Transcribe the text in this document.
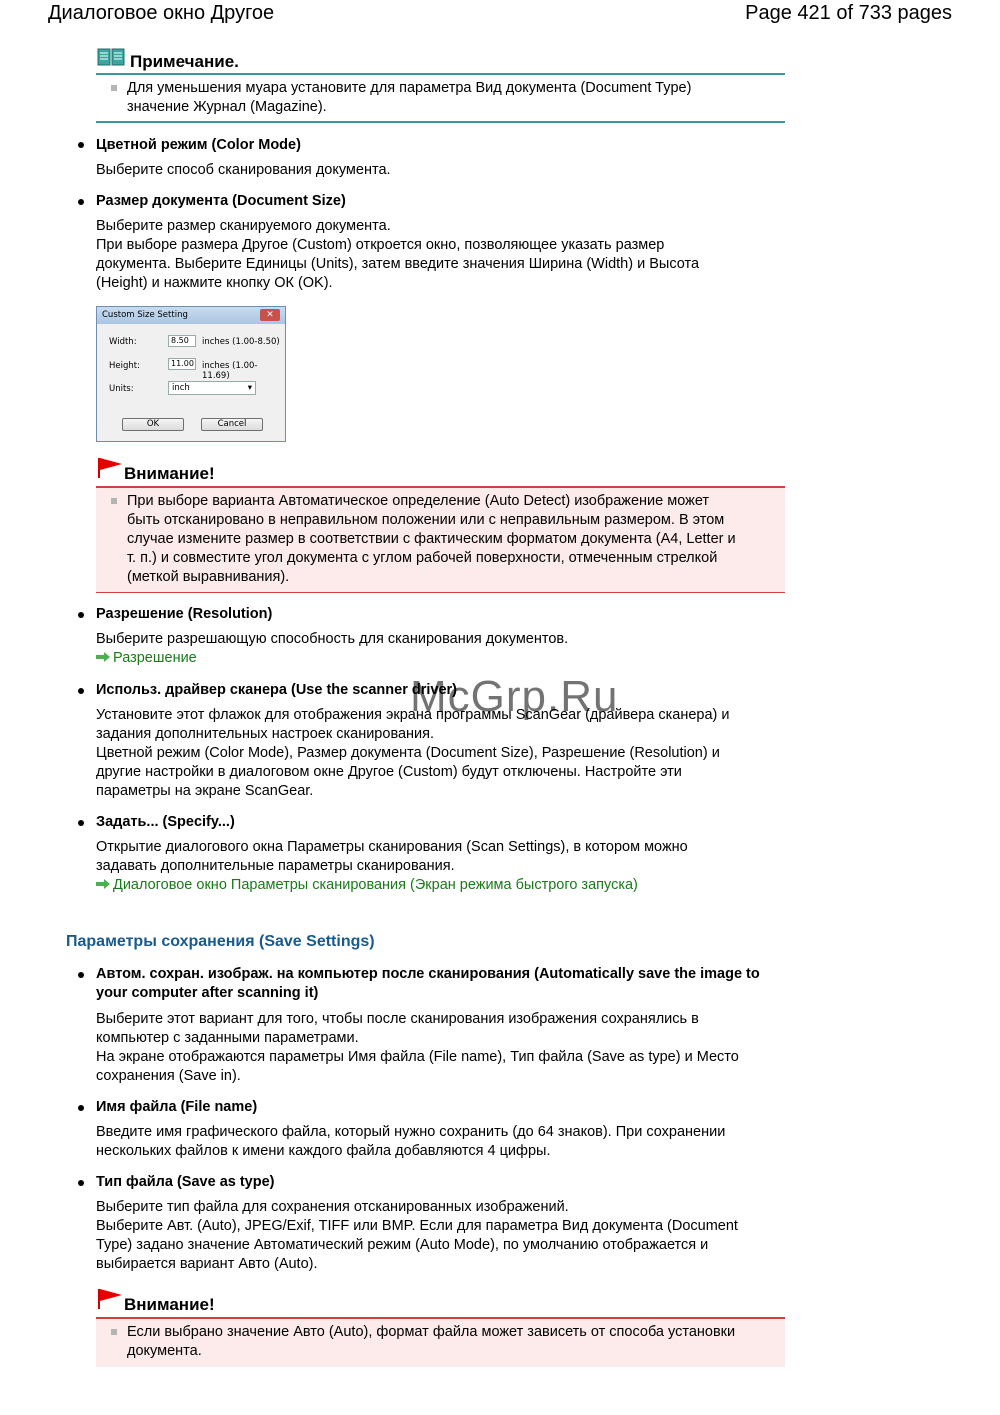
Диалоговое окно Другое	Page 421 of 733 pages
Примечание.
Для уменьшения муара установите для параметра Вид документа (Document Type)
значение Журнал (Magazine).
Цветной режим (Color Mode)
Выберите способ сканирования документа.
Размер документа (Document Size)
Выберите размер сканируемого документа.
При выборе размера Другое (Custom) откроется окно, позволяющее указать размер
документа. Выберите Единицы (Units), затем введите значения Ширина (Width) и Высота
(Height) и нажмите кнопку ОК (OK).
Custom Size Setting	✕
Width:	8.50	inches (1.00-8.50)
Height:	11.00 inches (1.00-11.69)
Units:	inch	▾
OK	Cancel
Внимание!
При выборе варианта Автоматическое определение (Auto Detect) изображение может
быть отсканировано в неправильном положении или с неправильным размером. В этом
случае измените размер в соответствии с фактическим форматом документа (A4, Letter и
т. п.) и совместите угол документа с углом рабочей поверхности, отмеченным стрелкой
(меткой выравнивания).
Разрешение (Resolution)
Выберите разрешающую способность для сканирования документов.
Разрешение
Использ. драйвер сканера (Use the scanner driver)
Установите этот флажок для отображения экрана программы ScanGear (драйвера сканера) и
задания дополнительных настроек сканирования.
Цветной режим (Color Mode), Размер документа (Document Size), Разрешение (Resolution) и
другие настройки в диалоговом окне Другое (Custom) будут отключены. Настройте эти
параметры на экране ScanGear.
Задать... (Specify...)
Открытие диалогового окна Параметры сканирования (Scan Settings), в котором можно
задавать дополнительные параметры сканирования.
Диалоговое окно Параметры сканирования (Экран режима быстрого запуска)
Параметры сохранения (Save Settings)
Автом. сохран. изображ. на компьютер после сканирования (Automatically save the image to
your computer after scanning it)
Выберите этот вариант для того, чтобы после сканирования изображения сохранялись в
компьютер с заданными параметрами.
На экране отображаются параметры Имя файла (File name), Тип файла (Save as type) и Место
сохранения (Save in).
Имя файла (File name)
Введите имя графического файла, который нужно сохранить (до 64 знаков). При сохранении
нескольких файлов к имени каждого файла добавляются 4 цифры.
Тип файла (Save as type)
Выберите тип файла для сохранения отсканированных изображений.
Выберите Авт. (Auto), JPEG/Exif, TIFF или BMP. Если для параметра Вид документа (Document
Type) задано значение Автоматический режим (Auto Mode), по умолчанию отображается и
выбирается вариант Авто (Auto).
Внимание!
Если выбрано значение Авто (Auto), формат файла может зависеть от способа установки
документа.
McGrp.Ru
